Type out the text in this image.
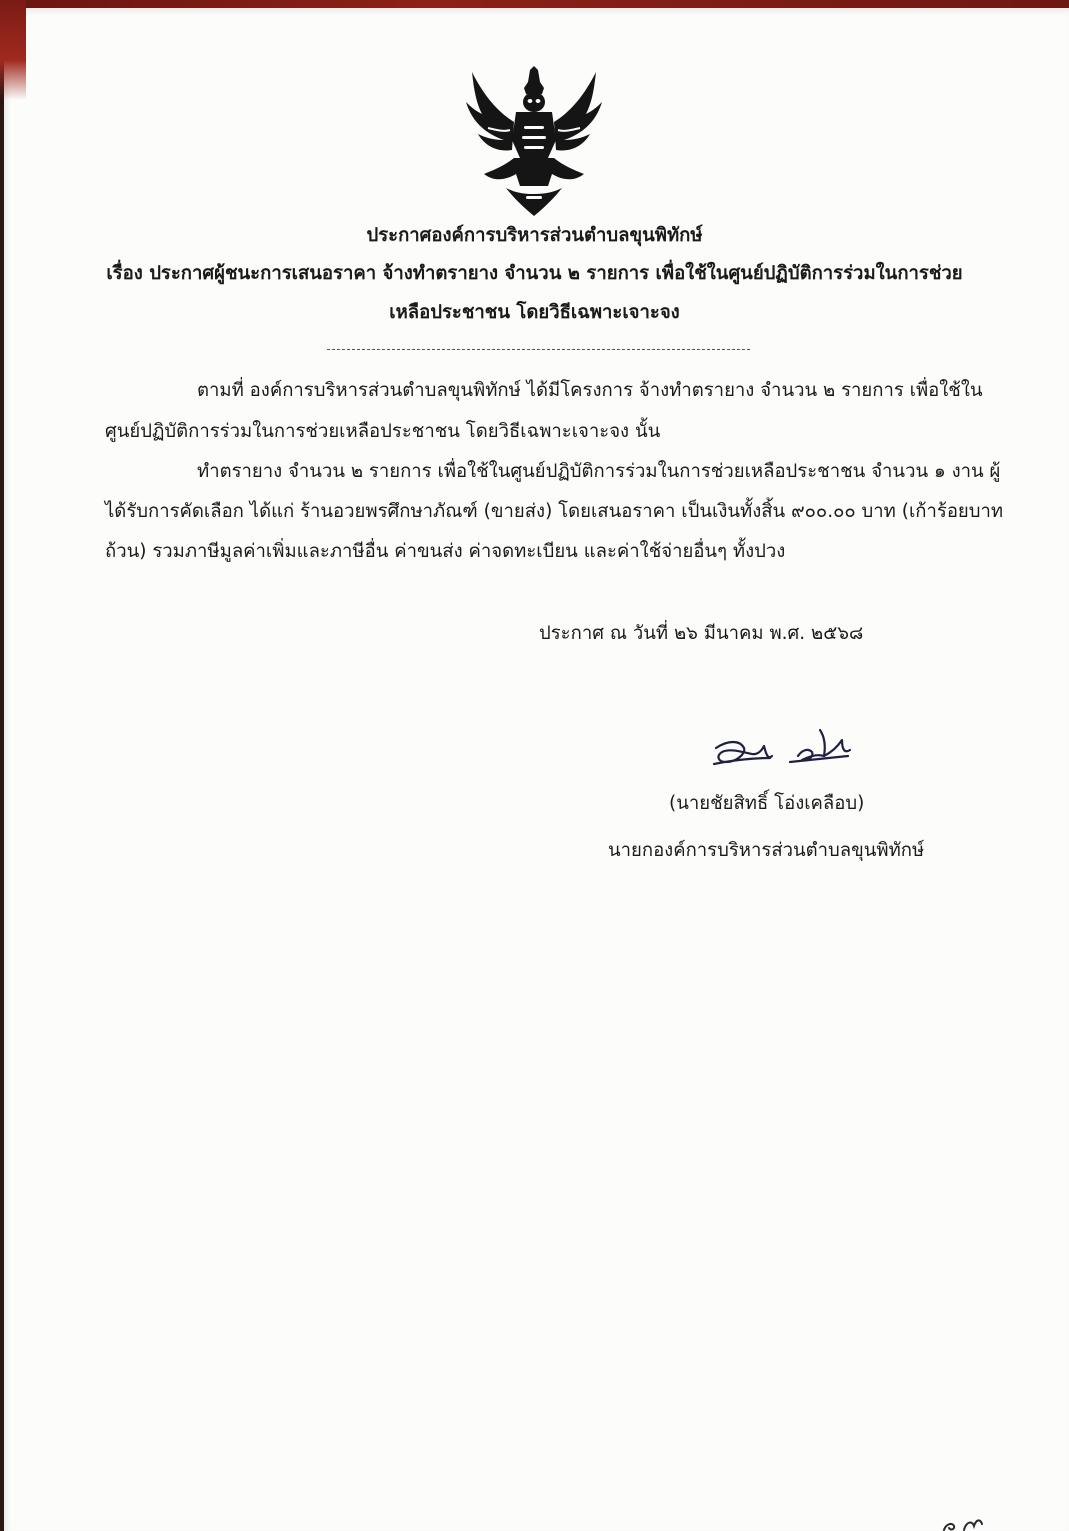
ประกาศองค์การบริหารส่วนตำบลขุนพิทักษ์
เรื่อง ประกาศผู้ชนะการเสนอราคา จ้างทำตรายาง จำนวน ๒ รายการ เพื่อใช้ในศูนย์ปฏิบัติการร่วมในการช่วย
เหลือประชาชน โดยวิธีเฉพาะเจาะจง
ตามที่ องค์การบริหารส่วนตำบลขุนพิทักษ์ ได้มีโครงการ จ้างทำตรายาง จำนวน ๒ รายการ เพื่อใช้ใน
ศูนย์ปฏิบัติการร่วมในการช่วยเหลือประชาชน โดยวิธีเฉพาะเจาะจง นั้น
ทำตรายาง จำนวน ๒ รายการ เพื่อใช้ในศูนย์ปฏิบัติการร่วมในการช่วยเหลือประชาชน จำนวน ๑ งาน ผู้
ได้รับการคัดเลือก ได้แก่ ร้านอวยพรศึกษาภัณฑ์ (ขายส่ง) โดยเสนอราคา เป็นเงินทั้งสิ้น ๙๐๐.๐๐ บาท (เก้าร้อยบาท
ถ้วน) รวมภาษีมูลค่าเพิ่มและภาษีอื่น ค่าขนส่ง ค่าจดทะเบียน และค่าใช้จ่ายอื่นๆ ทั้งปวง
ประกาศ ณ วันที่ ๒๖ มีนาคม พ.ศ. ๒๕๖๘
(นายชัยสิทธิ์ โอ่งเคลือบ)
นายกองค์การบริหารส่วนตำบลขุนพิทักษ์
